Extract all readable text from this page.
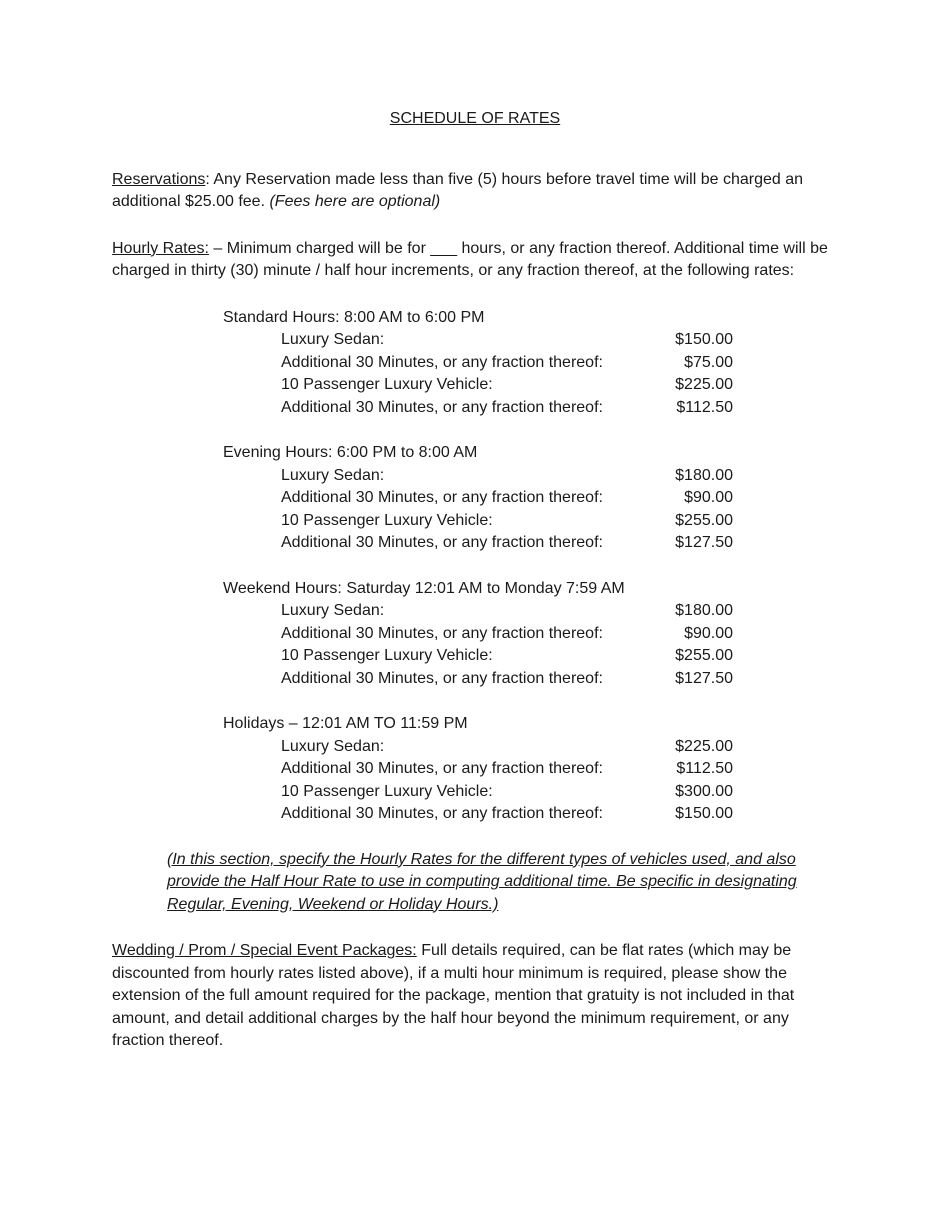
SCHEDULE OF RATES

Reservations: Any Reservation made less than five (5) hours before travel time will be charged an additional $25.00 fee. (Fees here are optional)

Hourly Rates: – Minimum charged will be for ___ hours, or any fraction thereof. Additional time will be charged in thirty (30) minute / half hour increments, or any fraction thereof, at the following rates:

Standard Hours: 8:00 AM to 6:00 PM
Luxury Sedan:	$150.00
Additional 30 Minutes, or any fraction thereof:	$75.00
10 Passenger Luxury Vehicle:	$225.00
Additional 30 Minutes, or any fraction thereof:	$112.50
Evening Hours: 6:00 PM to 8:00 AM
Luxury Sedan:	$180.00
Additional 30 Minutes, or any fraction thereof:	$90.00
10 Passenger Luxury Vehicle:	$255.00
Additional 30 Minutes, or any fraction thereof:	$127.50
Weekend Hours: Saturday 12:01 AM to Monday 7:59 AM
Luxury Sedan:	$180.00
Additional 30 Minutes, or any fraction thereof:	$90.00
10 Passenger Luxury Vehicle:	$255.00
Additional 30 Minutes, or any fraction thereof:	$127.50
Holidays – 12:01 AM TO 11:59 PM
Luxury Sedan:	$225.00
Additional 30 Minutes, or any fraction thereof:	$112.50
10 Passenger Luxury Vehicle:	$300.00
Additional 30 Minutes, or any fraction thereof:	$150.00

(In this section, specify the Hourly Rates for the different types of vehicles used, and also provide the Half Hour Rate to use in computing additional time. Be specific in designating Regular, Evening, Weekend or Holiday Hours.)

Wedding / Prom / Special Event Packages: Full details required, can be flat rates (which may be discounted from hourly rates listed above), if a multi hour minimum is required, please show the extension of the full amount required for the package, mention that gratuity is not included in that amount, and detail additional charges by the half hour beyond the minimum requirement, or any fraction thereof.
